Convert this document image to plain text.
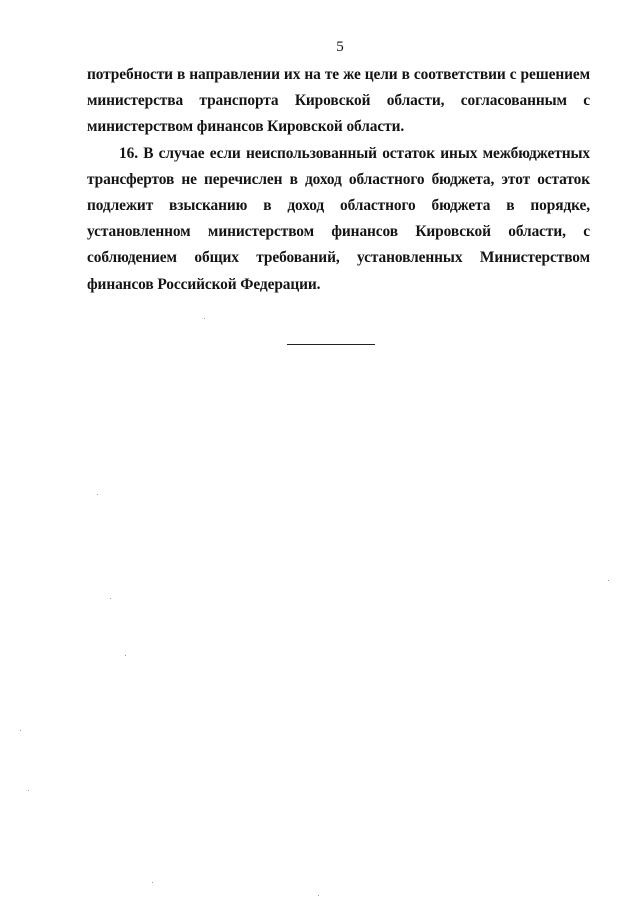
5

потребности в направлении их на те же цели в соответствии с решением министерства транспорта Кировской области, согласованным с министерством финансов Кировской области.

16. В случае если неиспользованный остаток иных межбюджетных трансфертов не перечислен в доход областного бюджета, этот остаток подлежит взысканию в доход областного бюджета в порядке, установленном министерством финансов Кировской области, с соблюдением общих требований, установленных Министерством финансов Российской Федерации.
